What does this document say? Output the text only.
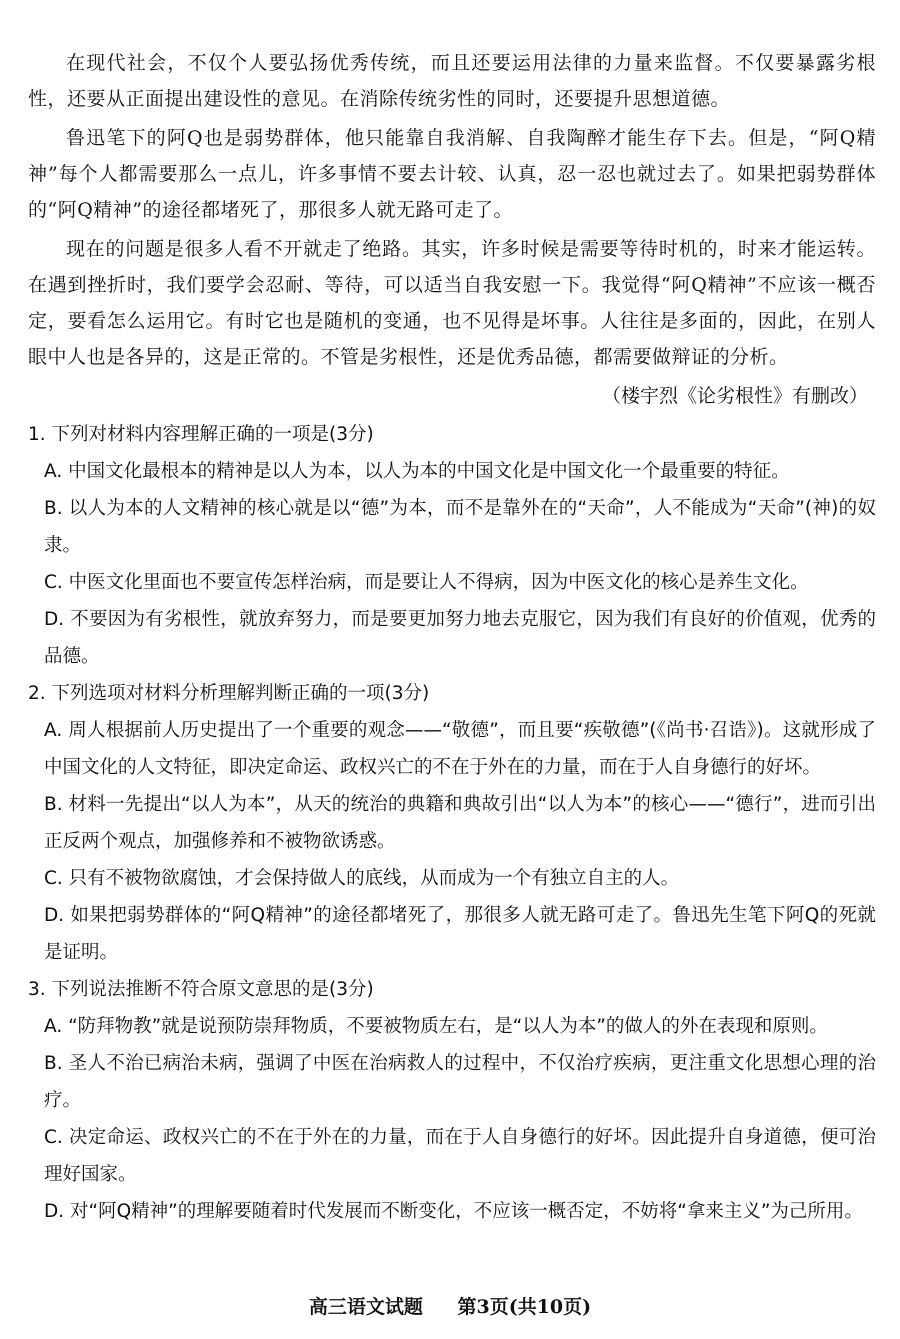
在现代社会，不仅个人要弘扬优秀传统，而且还要运用法律的力量来监督。不仅要暴露劣根性，还要从正面提出建设性的意见。在消除传统劣性的同时，还要提升思想道德。

鲁迅笔下的阿Q也是弱势群体，他只能靠自我消解、自我陶醉才能生存下去。但是，“阿Q精神”每个人都需要那么一点儿，许多事情不要去计较、认真，忍一忍也就过去了。如果把弱势群体的“阿Q精神”的途径都堵死了，那很多人就无路可走了。

现在的问题是很多人看不开就走了绝路。其实，许多时候是需要等待时机的，时来才能运转。在遇到挫折时，我们要学会忍耐、等待，可以适当自我安慰一下。我觉得“阿Q精神”不应该一概否定，要看怎么运用它。有时它也是随机的变通，也不见得是坏事。人往往是多面的，因此，在别人眼中人也是各异的，这是正常的。不管是劣根性，还是优秀品德，都需要做辩证的分析。

（楼宇烈《论劣根性》有删改）

1. 下列对材料内容理解正确的一项是(3分)

A. 中国文化最根本的精神是以人为本，以人为本的中国文化是中国文化一个最重要的特征。

B. 以人为本的人文精神的核心就是以“德”为本，而不是靠外在的“天命”，人不能成为“天命”(神)的奴隶。

C. 中医文化里面也不要宣传怎样治病，而是要让人不得病，因为中医文化的核心是养生文化。

D. 不要因为有劣根性，就放弃努力，而是要更加努力地去克服它，因为我们有良好的价值观，优秀的品德。

2. 下列选项对材料分析理解判断正确的一项(3分)

A. 周人根据前人历史提出了一个重要的观念——“敬德”，而且要“疾敬德”(《尚书·召诰》)。这就形成了中国文化的人文特征，即决定命运、政权兴亡的不在于外在的力量，而在于人自身德行的好坏。

B. 材料一先提出“以人为本”，从天的统治的典籍和典故引出“以人为本”的核心——“德行”，进而引出正反两个观点，加强修养和不被物欲诱惑。

C. 只有不被物欲腐蚀，才会保持做人的底线，从而成为一个有独立自主的人。

D. 如果把弱势群体的“阿Q精神”的途径都堵死了，那很多人就无路可走了。鲁迅先生笔下阿Q的死就是证明。

3. 下列说法推断不符合原文意思的是(3分)

A. “防拜物教”就是说预防崇拜物质，不要被物质左右，是“以人为本”的做人的外在表现和原则。

B. 圣人不治已病治未病，强调了中医在治病救人的过程中，不仅治疗疾病，更注重文化思想心理的治疗。

C. 决定命运、政权兴亡的不在于外在的力量，而在于人自身德行的好坏。因此提升自身道德，便可治理好国家。

D. 对“阿Q精神”的理解要随着时代发展而不断变化，不应该一概否定，不妨将“拿来主义”为己所用。

高三语文试题 第3页(共10页)
